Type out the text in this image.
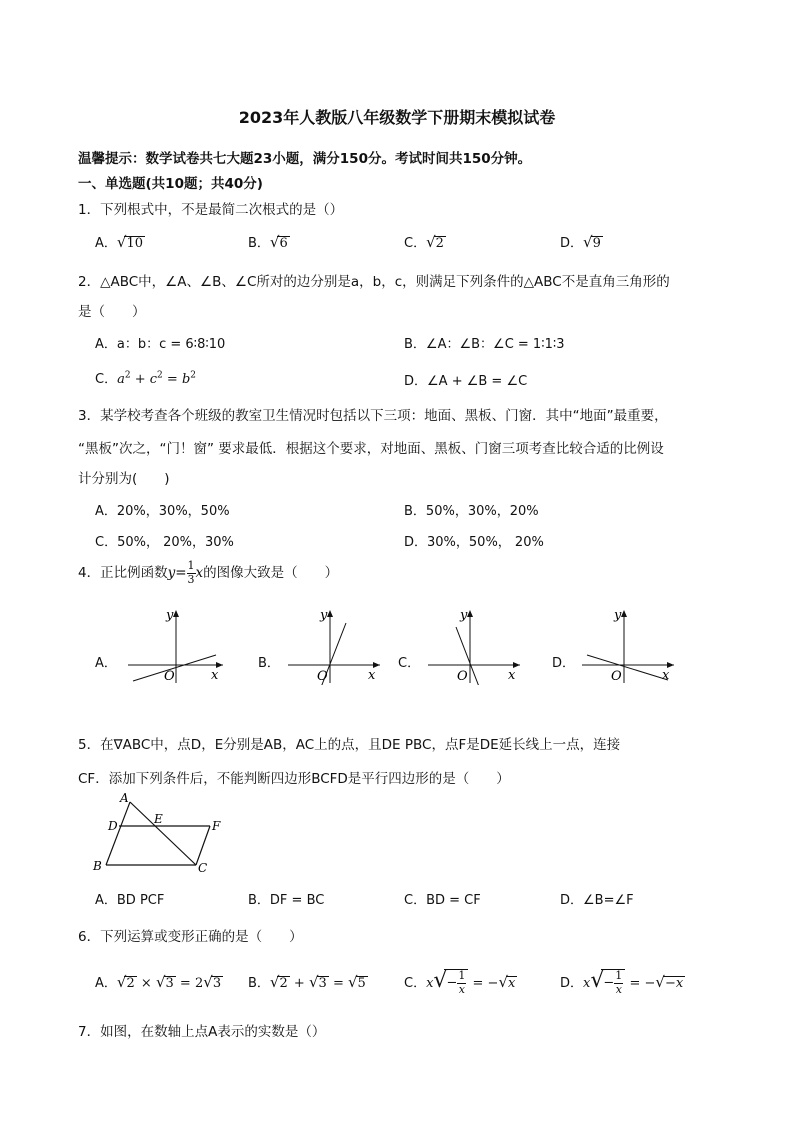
2023年人教版八年级数学下册期末模拟试卷
温馨提示：数学试卷共七大题23小题，满分150分。考试时间共150分钟。
一、单选题(共10题；共40分)
1．下列根式中，不是最简二次根式的是（）
A．√10	B．√6	C．√2	D．√9
2．△ABC中，∠A、∠B、∠C所对的边分别是a，b，c，则满足下列条件的△ABC不是直角三角形的
是（　　）
A．a：b：c = 6∶8∶10	B．∠A：∠B：∠C = 1∶1∶3
C．$a^2 + c^2 = b^2$	D．∠A + ∠B = ∠C
3．某学校考查各个班级的教室卫生情况时包括以下三项：地面、黑板、门窗．其中“地面”最重要，
“黑板”次之，“门！窗” 要求最低．根据这个要求，对地面、黑板、门窗三项考查比较合适的比例设
计分别为(　　)
A．20%，30%，50%	B．50%，30%，20%
C．50%， 20%，30%	D．30%，50%， 20%
4．正比例函数$y= \frac{1}{3}$ x的图像大致是（　　）
A．	B．	C．	D．
O	x
y
O	x
y
O	x
y
O	x
y
5．在∇ABC中，点D，E分别是AB，AC上的点，且DE PBC，点F是DE延长线上一点，连接
CF．添加下列条件后，不能判断四边形BCFD是平行四边形的是（　　）
A
D	E	F
B	C
A．BD PCF	B．DF = BC	C．BD = CF	D．∠B=∠F
6．下列运算或变形正确的是（　　）
A．√2 × √3 = 2√3 B．√2 + √3 = √5	C．$x√- \frac{1}{x} = -√x$	D．$x√- \frac{1}{x} = -√-x$
7．如图，在数轴上点A表示的实数是（）
